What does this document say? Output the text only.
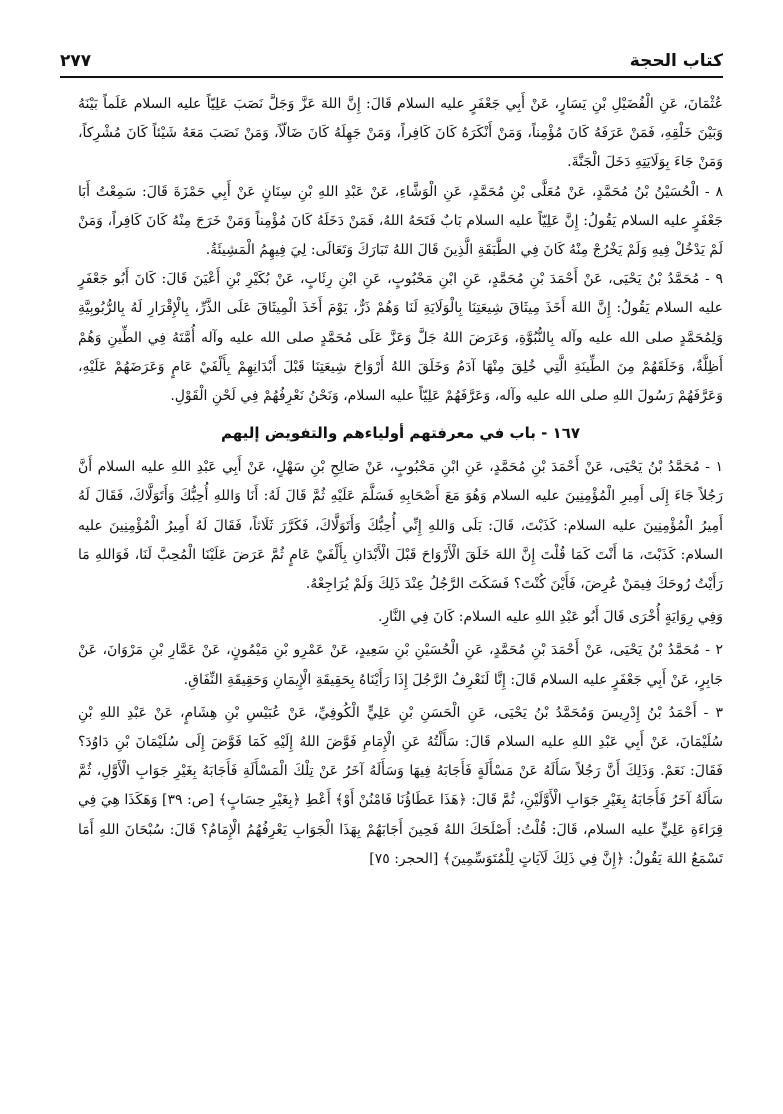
٢٧٧	كتاب الحجة

عُثْمَانَ، عَنِ الْفُضَيْلِ بْنِ يَسَارٍ، عَنْ أَبِي جَعْفَرٍ عليه السلام قَالَ: إِنَّ اللهَ عَزَّ وَجَلَّ نَصَبَ عَلِيّاً عليه السلام عَلَماً بَيْنَهُ وَبَيْنَ خَلْقِهِ، فَمَنْ عَرَفَهُ كَانَ مُؤْمِناً، وَمَنْ أَنْكَرَهُ كَانَ كَافِراً، وَمَنْ جَهِلَهُ كَانَ ضَالّاً، وَمَنْ نَصَبَ مَعَهُ شَيْئاً كَانَ مُشْرِكاً، وَمَنْ جَاءَ بِوَلَايَتِهِ دَخَلَ الْجَنَّةَ.

٨ - الْحُسَيْنُ بْنُ مُحَمَّدٍ، عَنْ مُعَلَّى بْنِ مُحَمَّدٍ، عَنِ الْوَشَّاءِ، عَنْ عَبْدِ اللهِ بْنِ سِنَانٍ عَنْ أَبِي حَمْزَةَ قَالَ: سَمِعْتُ أَبَا جَعْفَرٍ عليه السلام يَقُولُ: إِنَّ عَلِيّاً عليه السلام بَابٌ فَتَحَهُ اللهُ، فَمَنْ دَخَلَهُ كَانَ مُؤْمِناً وَمَنْ خَرَجَ مِنْهُ كَانَ كَافِراً، وَمَنْ لَمْ يَدْخُلْ فِيهِ وَلَمْ يَخْرُجْ مِنْهُ كَانَ فِي الطَّبَقَةِ الَّذِينَ قَالَ اللهُ تَبَارَكَ وَتَعَالَى: لِيَ فِيهِمُ الْمَشِيئَةُ.

٩ - مُحَمَّدُ بْنُ يَحْيَى، عَنْ أَحْمَدَ بْنِ مُحَمَّدٍ، عَنِ ابْنِ مَحْبُوبٍ، عَنِ ابْنِ رِئَابٍ، عَنْ بُكَيْرِ بْنِ أَعْيَنَ قَالَ: كَانَ أَبُو جَعْفَرٍ عليه السلام يَقُولُ: إِنَّ اللهَ أَخَذَ مِيثَاقَ شِيعَتِنَا بِالْوَلَايَةِ لَنَا وَهُمْ ذَرٌّ، يَوْمَ أَخَذَ الْمِيثَاقَ عَلَى الذَّرِّ، بِالْإِقْرَارِ لَهُ بِالرُّبُوبِيَّةِ وَلِمُحَمَّدٍ صلى الله عليه وآله بِالنُّبُوَّةِ، وَعَرَضَ اللهُ جَلَّ وَعَزَّ عَلَى مُحَمَّدٍ صلى الله عليه وآله أُمَّتَهُ فِي الطِّينِ وَهُمْ أَظِلَّةٌ، وَخَلَقَهُمْ مِنَ الطِّينَةِ الَّتِي خُلِقَ مِنْهَا آدَمُ وَخَلَقَ اللهُ أَرْوَاحَ شِيعَتِنَا قَبْلَ أَبْدَانِهِمْ بِأَلْفَيْ عَامٍ وَعَرَضَهُمْ عَلَيْهِ، وَعَرَّفَهُمْ رَسُولَ اللهِ صلى الله عليه وآله، وَعَرَّفَهُمْ عَلِيّاً عليه السلام، وَنَحْنُ نَعْرِفُهُمْ فِي لَحْنِ الْقَوْلِ.

١٦٧ - باب في معرفتهم أولياءهم والتفويض إليهم

١ - مُحَمَّدُ بْنُ يَحْيَى، عَنْ أَحْمَدَ بْنِ مُحَمَّدٍ، عَنِ ابْنِ مَحْبُوبٍ، عَنْ صَالِحِ بْنِ سَهْلٍ، عَنْ أَبِي عَبْدِ اللهِ عليه السلام أَنَّ رَجُلاً جَاءَ إِلَى أَمِيرِ الْمُؤْمِنِينَ عليه السلام وَهُوَ مَعَ أَصْحَابِهِ فَسَلَّمَ عَلَيْهِ ثُمَّ قَالَ لَهُ: أَنَا وَاللهِ أُحِبُّكَ وَأَتَوَلَّاكَ، فَقَالَ لَهُ أَمِيرُ الْمُؤْمِنِينَ عليه السلام: كَذَبْتَ، قَالَ: بَلَى وَاللهِ إِنِّي أُحِبُّكَ وَأَتَوَلَّاكَ، فَكَرَّرَ ثَلَاثاً، فَقَالَ لَهُ أَمِيرُ الْمُؤْمِنِينَ عليه السلام: كَذَبْتَ، مَا أَنْتَ كَمَا قُلْتَ إِنَّ اللهَ خَلَقَ الْأَرْوَاحَ قَبْلَ الْأَبْدَانِ بِأَلْفَيْ عَامٍ ثُمَّ عَرَضَ عَلَيْنَا الْمُحِبَّ لَنَا، فَوَاللهِ مَا رَأَيْتُ رُوحَكَ فِيمَنْ عُرِضَ، فَأَيْنَ كُنْتَ؟ فَسَكَتَ الرَّجُلُ عِنْدَ ذَلِكَ وَلَمْ يُرَاجِعْهُ.

وَفِي رِوَايَةٍ أُخْرَى قَالَ أَبُو عَبْدِ اللهِ عليه السلام: كَانَ فِي النَّارِ.

٢ - مُحَمَّدُ بْنُ يَحْيَى، عَنْ أَحْمَدَ بْنِ مُحَمَّدٍ، عَنِ الْحُسَيْنِ بْنِ سَعِيدٍ، عَنْ عَمْرِو بْنِ مَيْمُونٍ، عَنْ عَمَّارِ بْنِ مَرْوَانَ، عَنْ جَابِرٍ، عَنْ أَبِي جَعْفَرٍ عليه السلام قَالَ: إِنَّا لَنَعْرِفُ الرَّجُلَ إِذَا رَأَيْنَاهُ بِحَقِيقَةِ الْإِيمَانِ وَحَقِيقَةِ النِّفَاقِ.

٣ - أَحْمَدُ بْنُ إِدْرِيسَ وَمُحَمَّدُ بْنُ يَحْيَى، عَنِ الْحَسَنِ بْنِ عَلِيٍّ الْكُوفِيِّ، عَنْ عُبَيْسِ بْنِ هِشَامٍ، عَنْ عَبْدِ اللهِ بْنِ سُلَيْمَانَ، عَنْ أَبِي عَبْدِ اللهِ عليه السلام قَالَ: سَأَلْتُهُ عَنِ الْإِمَامِ فَوَّضَ اللهُ إِلَيْهِ كَمَا فَوَّضَ إِلَى سُلَيْمَانَ بْنِ دَاوُدَ؟ فَقَالَ: نَعَمْ. وَذَلِكَ أَنَّ رَجُلاً سَأَلَهُ عَنْ مَسْأَلَةٍ فَأَجَابَهُ فِيهَا وَسَأَلَهُ آخَرُ عَنْ تِلْكَ الْمَسْأَلَةِ فَأَجَابَهُ بِغَيْرِ جَوَابِ الْأَوَّلِ، ثُمَّ سَأَلَهُ آخَرُ فَأَجَابَهُ بِغَيْرِ جَوَابِ الْأَوَّلَيْنِ، ثُمَّ قَالَ: ﴿هَذَا عَطَاؤُنَا فَامْنُنْ أَوْ﴾ أَعْطِ ﴿بِغَيْرِ حِسَابٍ﴾ [ص: ٣٩] وَهَكَذَا هِيَ فِي قِرَاءَةِ عَلِيٍّ عليه السلام، قَالَ: قُلْتُ: أَصْلَحَكَ اللهُ فَحِينَ أَجَابَهُمْ بِهَذَا الْجَوَابِ يَعْرِفُهُمُ الْإِمَامُ؟ قَالَ: سُبْحَانَ اللهِ أَمَا تَسْمَعُ اللهَ يَقُولُ: ﴿إِنَّ فِي ذَلِكَ لَآيَاتٍ لِلْمُتَوَسِّمِينَ﴾ [الحجر: ٧٥]
